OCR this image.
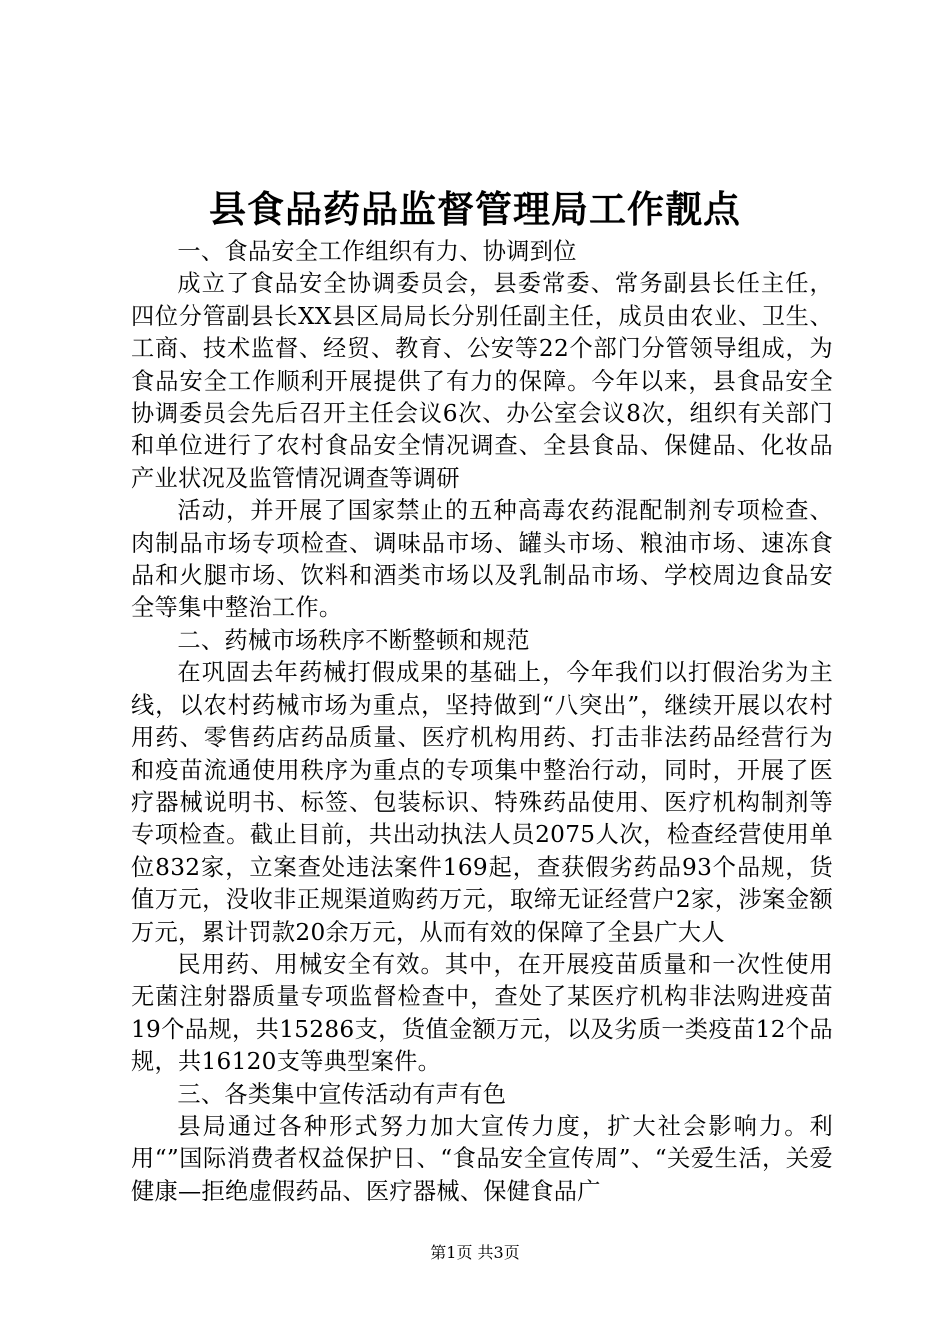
县食品药品监督管理局工作靓点

一、食品安全工作组织有力、协调到位

成立了食品安全协调委员会，县委常委、常务副县长任主任，四位分管副县长XX县区局局长分别任副主任，成员由农业、卫生、工商、技术监督、经贸、教育、公安等22个部门分管领导组成，为食品安全工作顺利开展提供了有力的保障。今年以来，县食品安全协调委员会先后召开主任会议6次、办公室会议8次，组织有关部门和单位进行了农村食品安全情况调查、全县食品、保健品、化妆品产业状况及监管情况调查等调研

活动，并开展了国家禁止的五种高毒农药混配制剂专项检查、肉制品市场专项检查、调味品市场、罐头市场、粮油市场、速冻食品和火腿市场、饮料和酒类市场以及乳制品市场、学校周边食品安全等集中整治工作。

二、药械市场秩序不断整顿和规范

在巩固去年药械打假成果的基础上，今年我们以打假治劣为主线，以农村药械市场为重点，坚持做到“八突出”，继续开展以农村用药、零售药店药品质量、医疗机构用药、打击非法药品经营行为和疫苗流通使用秩序为重点的专项集中整治行动，同时，开展了医疗器械说明书、标签、包装标识、特殊药品使用、医疗机构制剂等专项检查。截止目前，共出动执法人员2075人次，检查经营使用单位832家，立案查处违法案件169起，查获假劣药品93个品规，货值万元，没收非正规渠道购药万元，取缔无证经营户2家，涉案金额万元，累计罚款20余万元，从而有效的保障了全县广大人

民用药、用械安全有效。其中，在开展疫苗质量和一次性使用无菌注射器质量专项监督检查中，查处了某医疗机构非法购进疫苗19个品规，共15286支，货值金额万元，以及劣质一类疫苗12个品规，共16120支等典型案件。

三、各类集中宣传活动有声有色

县局通过各种形式努力加大宣传力度，扩大社会影响力。利用“”国际消费者权益保护日、“食品安全宣传周”、“关爱生活，关爱健康—拒绝虚假药品、医疗器械、保健食品广

第1页 共3页
